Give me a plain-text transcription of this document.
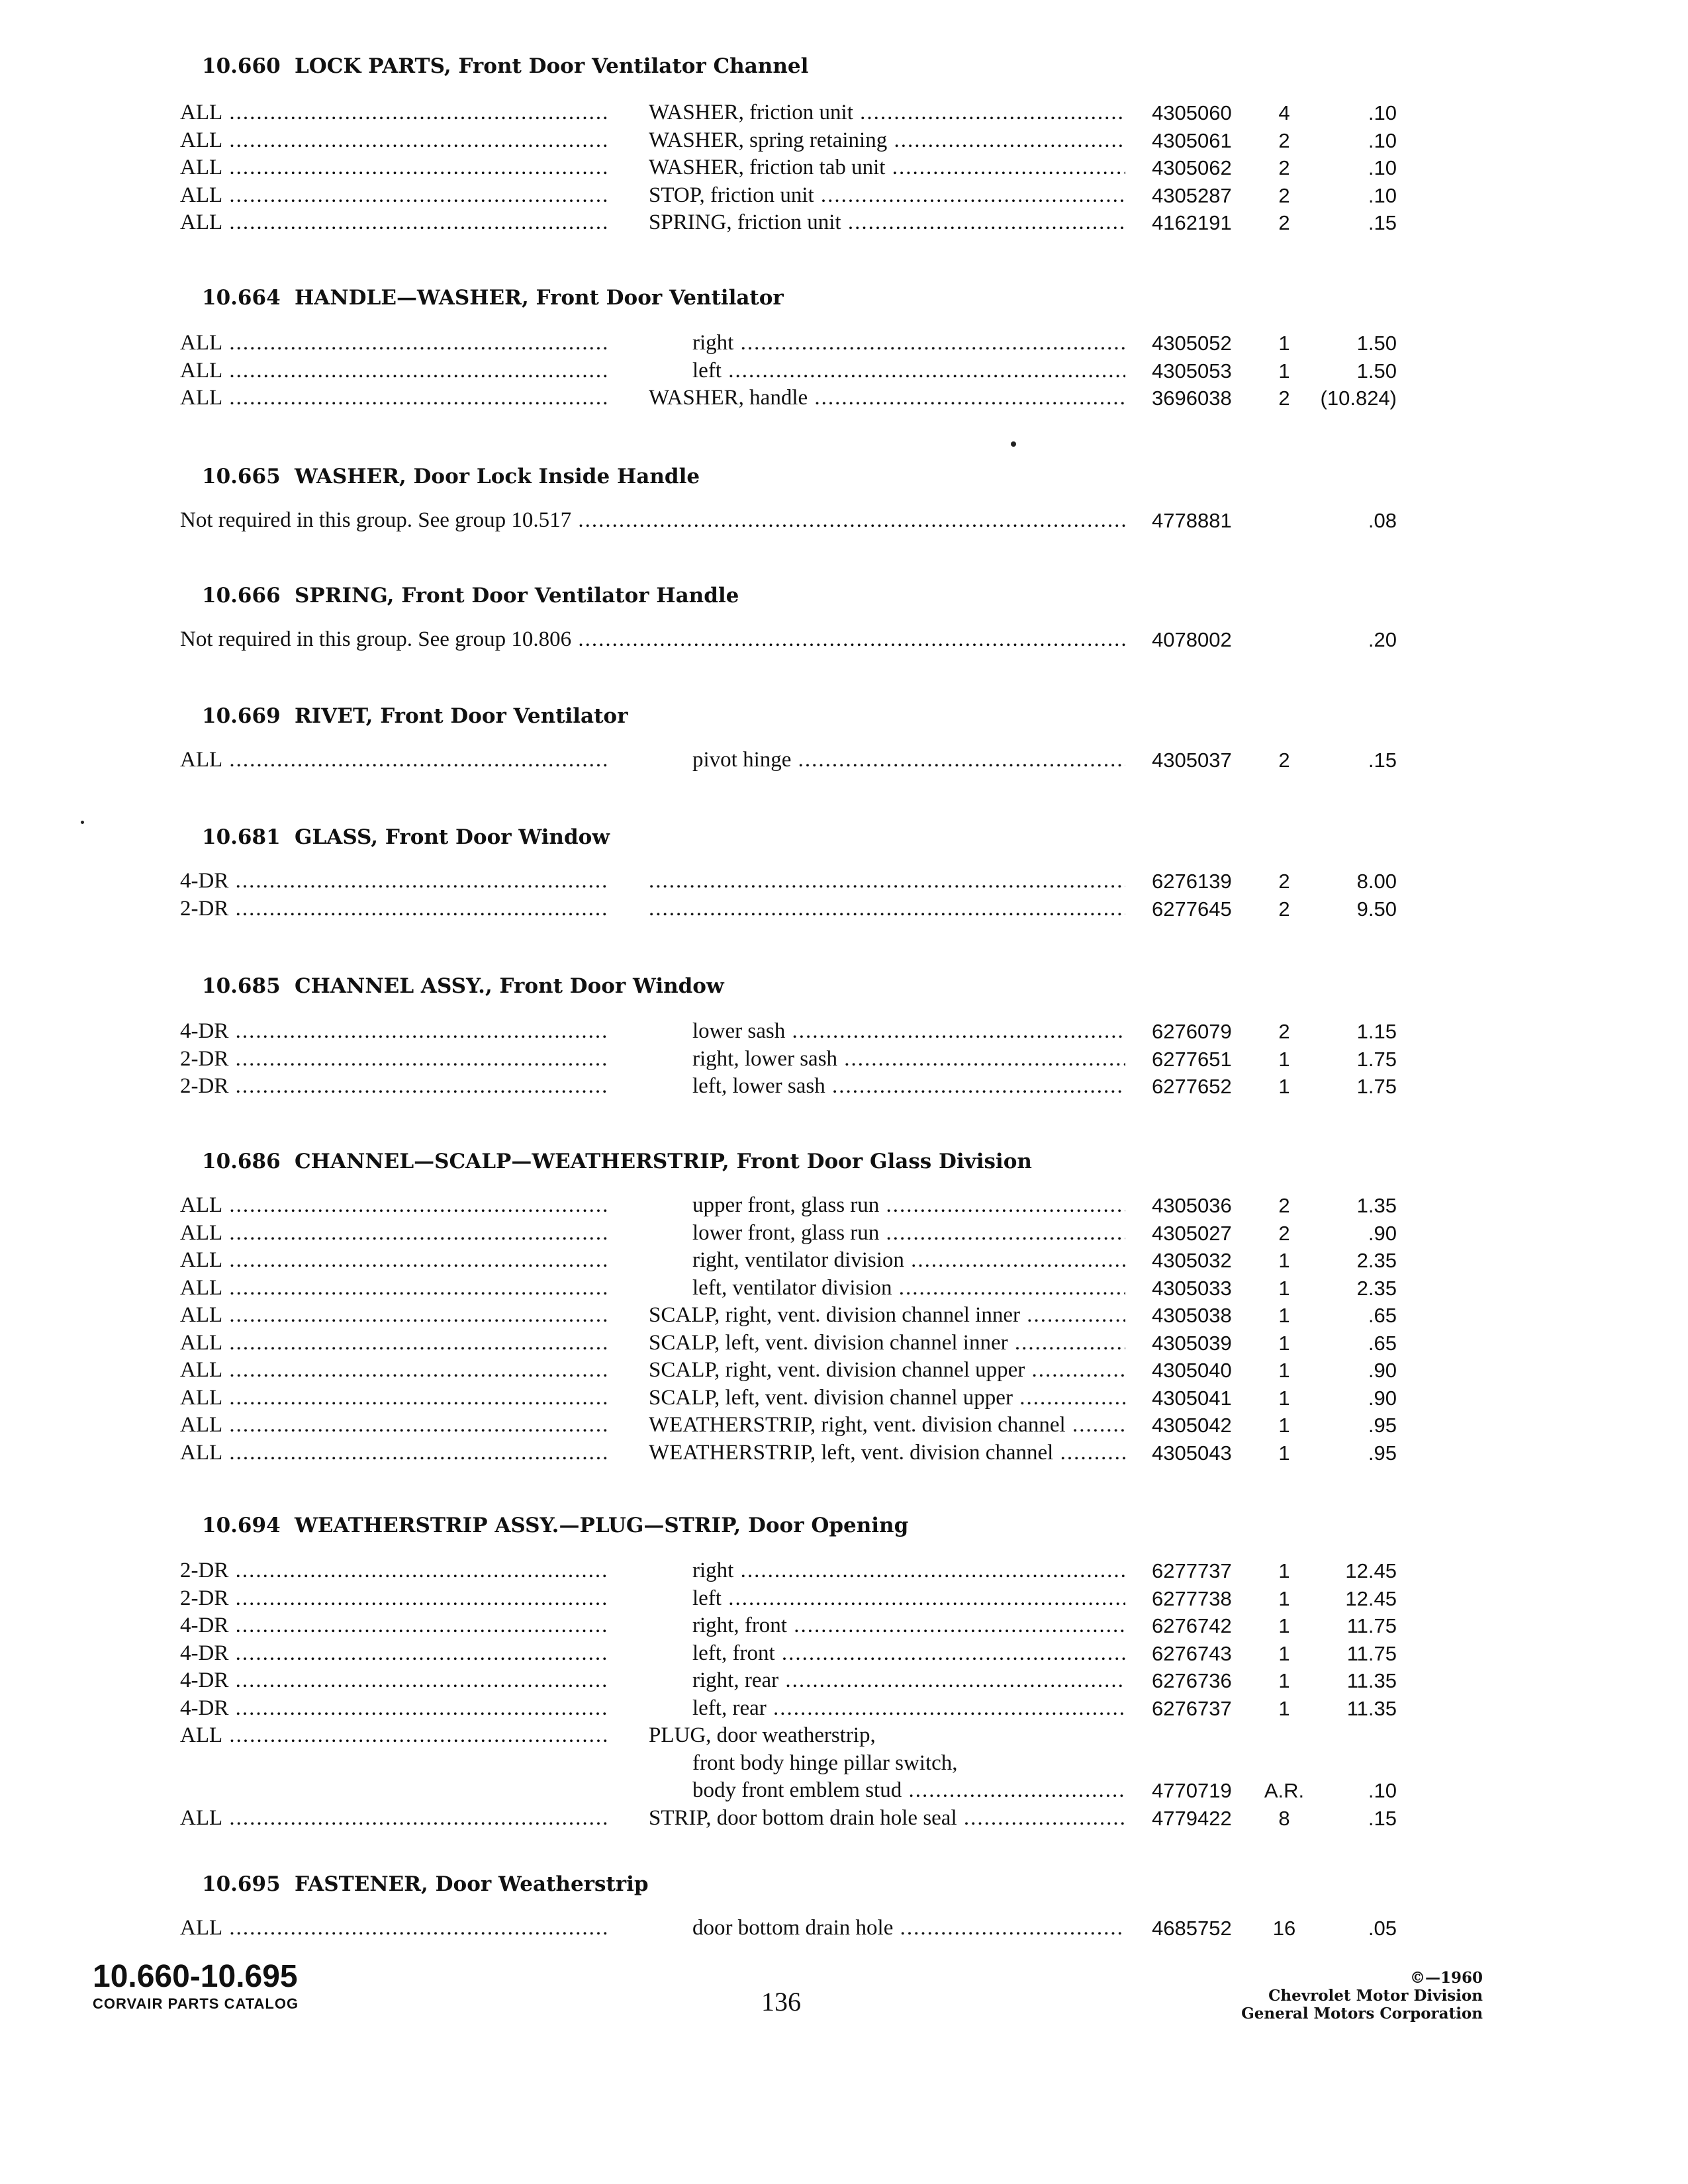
10.660 LOCK PARTS, Front Door Ventilator Channel
ALL .....	WASHER, friction unit .....	4305060	4	.10
ALL .....	WASHER, spring retaining .....	4305061	2	.10
ALL .....	WASHER, friction tab unit .....	4305062	2	.10
ALL .....	STOP, friction unit .....	4305287	2	.10
ALL .....	SPRING, friction unit .....	4162191	2	.15
10.664 HANDLE—WASHER, Front Door Ventilator
ALL .....	right .....	4305052	1	1.50
ALL .....	left .....	4305053	1	1.50
ALL .....	WASHER, handle .....	3696038	2	(10.824)
10.665 WASHER, Door Lock Inside Handle
Not required in this group. See group 10.517 .....	4778881	.08
10.666 SPRING, Front Door Ventilator Handle
Not required in this group. See group 10.806 .....	4078002	.20
10.669 RIVET, Front Door Ventilator
ALL .....	pivot hinge .....	4305037	2	.15
10.681 GLASS, Front Door Window
4-DR ..... .....	6276139	2	8.00
2-DR ..... .....	6277645	2	9.50
10.685 CHANNEL ASSY., Front Door Window
4-DR .....	lower sash .....	6276079	2	1.15
2-DR .....	right, lower sash .....	6277651	1	1.75
2-DR .....	left, lower sash .....	6277652	1	1.75
10.686 CHANNEL—SCALP—WEATHERSTRIP, Front Door Glass Division
ALL .....	upper front, glass run .....	4305036	2	1.35
ALL .....	lower front, glass run .....	4305027	2	.90
ALL .....	right, ventilator division .....	4305032	1	2.35
ALL .....	left, ventilator division .....	4305033	1	2.35
ALL .....	SCALP, right, vent. division channel inner .....	4305038	1	.65
ALL .....	SCALP, left, vent. division channel inner .....	4305039	1	.65
ALL .....	SCALP, right, vent. division channel upper .....	4305040	1	.90
ALL .....	SCALP, left, vent. division channel upper .....	4305041	1	.90
ALL .....	WEATHERSTRIP, right, vent. division channel .....	4305042	1	.95
ALL .....	WEATHERSTRIP, left, vent. division channel .....	4305043	1	.95
10.694 WEATHERSTRIP ASSY.—PLUG—STRIP, Door Opening
2-DR .....	right .....	6277737	1	12.45
2-DR .....	left .....	6277738	1	12.45
4-DR .....	right, front .....	6276742	1	11.75
4-DR .....	left, front .....	6276743	1	11.75
4-DR .....	right, rear .....	6276736	1	11.35
4-DR .....	left, rear .....	6276737	1	11.35
ALL .....	PLUG, door weatherstrip,
front body hinge pillar switch,
body front emblem stud .....	4770719	A.R.	.10
ALL .....	STRIP, door bottom drain hole seal .....	4779422	8	.15
10.695 FASTENER, Door Weatherstrip
ALL .....	door bottom drain hole .....	4685752	16	.05
10.660-10.695
CORVAIR PARTS CATALOG	136
©—1960
Chevrolet Motor Division
General Motors Corporation
